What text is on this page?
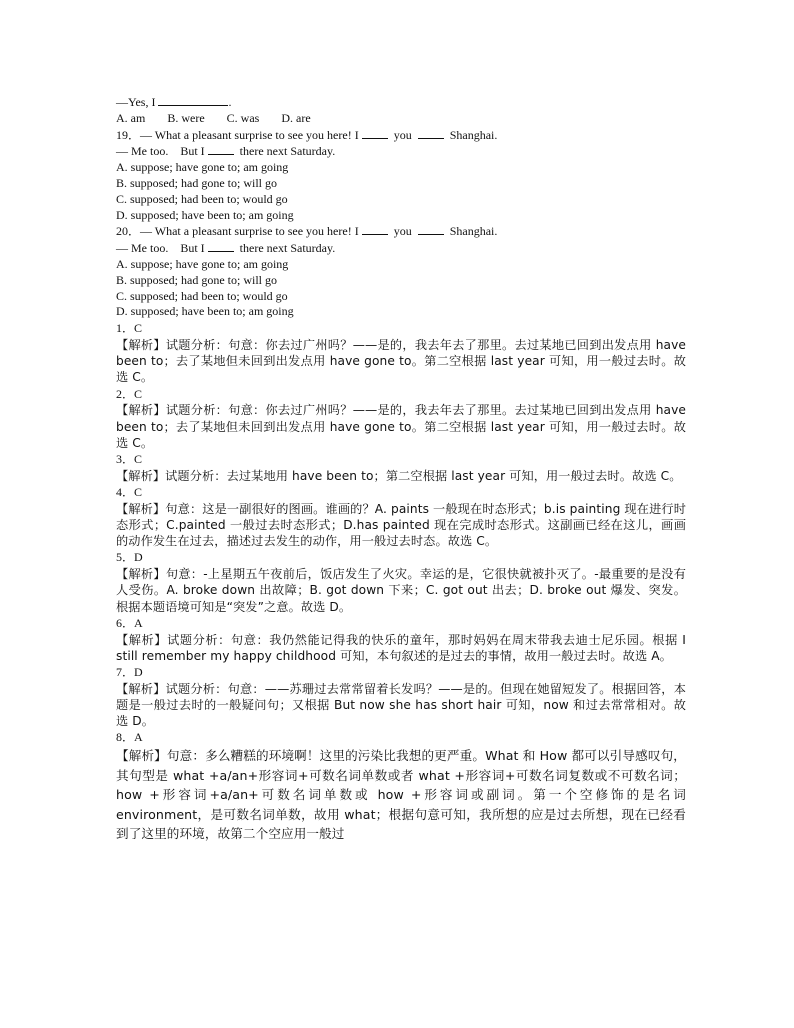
—Yes, I	.
A. am B. were C. was D. are
19．— What a pleasant surprise to see you here! I	you	Shanghai.
— Me too.    But I	there next Saturday.
A. suppose; have gone to; am going
B. supposed; had gone to; will go
C. supposed; had been to; would go
D. supposed; have been to; am going
20．— What a pleasant surprise to see you here! I	you	Shanghai.
— Me too.    But I	there next Saturday.
A. suppose; have gone to; am going
B. supposed; had gone to; will go
C. supposed; had been to; would go
D. supposed; have been to; am going
1．C
【解析】试题分析：句意：你去过广州吗？——是的，我去年去了那里。去过某地已回到出发点用 have been to；去了某地但未回到出发点用 have gone to。第二空根据 last year 可知，用一般过去时。故选 C。
2．C
【解析】试题分析：句意：你去过广州吗？——是的，我去年去了那里。去过某地已回到出发点用 have been to；去了某地但未回到出发点用 have gone to。第二空根据 last year 可知，用一般过去时。故选 C。
3．C
【解析】试题分析：去过某地用 have been to；第二空根据 last year 可知，用一般过去时。故选 C。
4．C
【解析】句意：这是一副很好的图画。谁画的？A. paints 一般现在时态形式；b.is painting 现在进行时态形式；C.painted 一般过去时态形式；D.has painted 现在完成时态形式。这副画已经在这儿，画画的动作发生在过去，描述过去发生的动作，用一般过去时态。故选 C。
5．D
【解析】句意：-上星期五午夜前后，饭店发生了火灾。幸运的是，它很快就被扑灭了。-最重要的是没有人受伤。A. broke down 出故障；B. got down 下来；C. got out 出去；D. broke out 爆发、突发。根据本题语境可知是“突发”之意。故选 D。
6．A
【解析】试题分析：句意：我仍然能记得我的快乐的童年，那时妈妈在周末带我去迪士尼乐园。根据 I still remember my happy childhood 可知，本句叙述的是过去的事情，故用一般过去时。故选 A。
7．D
【解析】试题分析：句意：——苏珊过去常常留着长发吗？——是的。但现在她留短发了。根据回答，本题是一般过去时的一般疑问句；又根据 But now she has short hair 可知，now 和过去常常相对。故选 D。
8．A
【解析】句意：多么糟糕的环境啊！这里的污染比我想的更严重。What 和 How 都可以引导感叹句，其句型是 what +a/an+形容词+可数名词单数或者 what +形容词+可数名词复数或不可数名词；how +形容词+a/an+可数名词单数或 how +形容词或副词。第一个空修饰的是名词 environment，是可数名词单数，故用 what；根据句意可知，我所想的应是过去所想，现在已经看到了这里的环境，故第二个空应用一般过
